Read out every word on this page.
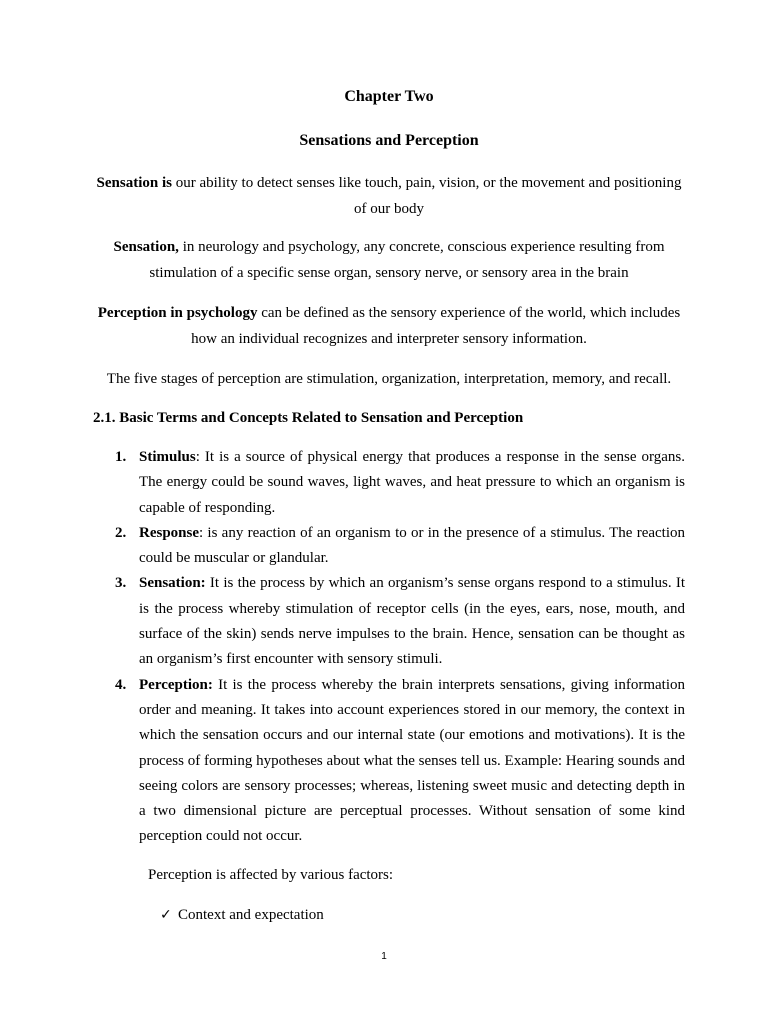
Chapter Two
Sensations and Perception

Sensation is our ability to detect senses like touch, pain, vision, or the movement and positioning of our body

Sensation, in neurology and psychology, any concrete, conscious experience resulting from stimulation of a specific sense organ, sensory nerve, or sensory area in the brain

Perception in psychology can be defined as the sensory experience of the world, which includes how an individual recognizes and interpreter sensory information.

The five stages of perception are stimulation, organization, interpretation, memory, and recall.

2.1. Basic Terms and Concepts Related to Sensation and Perception

1. Stimulus: It is a source of physical energy that produces a response in the sense organs. The energy could be sound waves, light waves, and heat pressure to which an organism is capable of responding.
2. Response: is any reaction of an organism to or in the presence of a stimulus. The reaction could be muscular or glandular.
3. Sensation: It is the process by which an organism’s sense organs respond to a stimulus. It is the process whereby stimulation of receptor cells (in the eyes, ears, nose, mouth, and surface of the skin) sends nerve impulses to the brain. Hence, sensation can be thought as an organism’s first encounter with sensory stimuli.
4. Perception: It is the process whereby the brain interprets sensations, giving information order and meaning. It takes into account experiences stored in our memory, the context in which the sensation occurs and our internal state (our emotions and motivations). It is the process of forming hypotheses about what the senses tell us. Example: Hearing sounds and seeing colors are sensory processes; whereas, listening sweet music and detecting depth in a two dimensional picture are perceptual processes. Without sensation of some kind perception could not occur.

Perception is affected by various factors:

✓ Context and expectation

1
